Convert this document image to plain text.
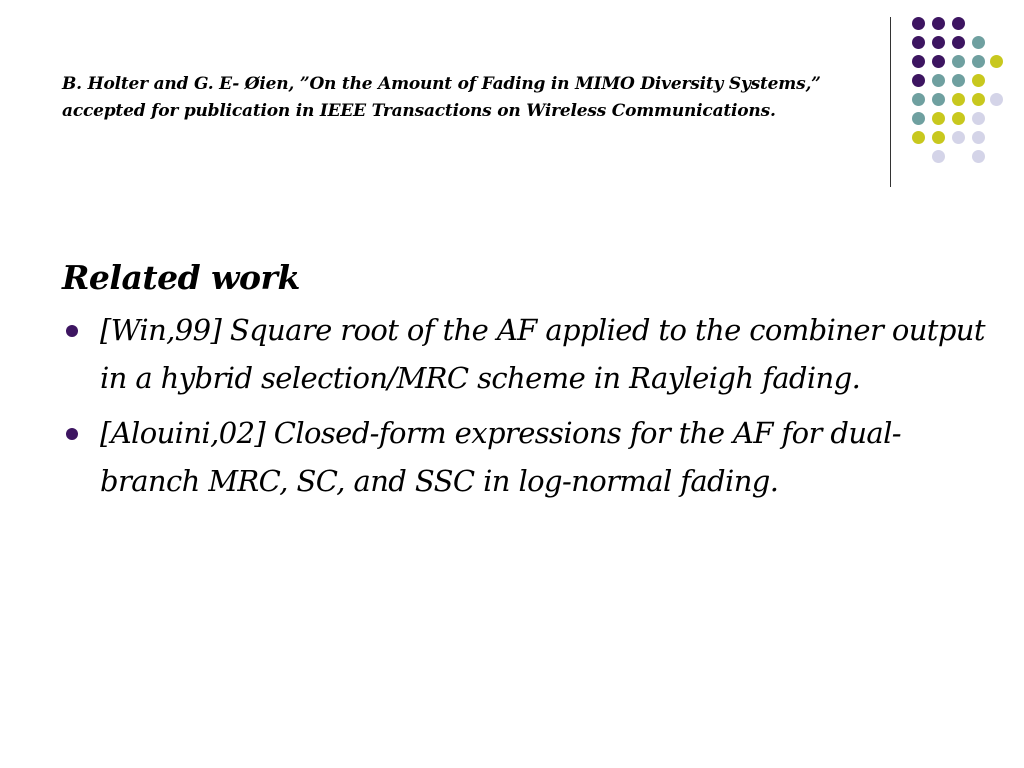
B. Holter and G. E- Øien, ”On the Amount of Fading in MIMO Diversity Systems,” accepted for publication in IEEE Transactions on Wireless Communications.
Related work
[Win,99] Square root of the AF applied to the combiner output in a hybrid selection/MRC scheme in Rayleigh fading.
[Alouini,02] Closed-form expressions for the AF for dual-branch MRC, SC, and SSC in log-normal fading.
